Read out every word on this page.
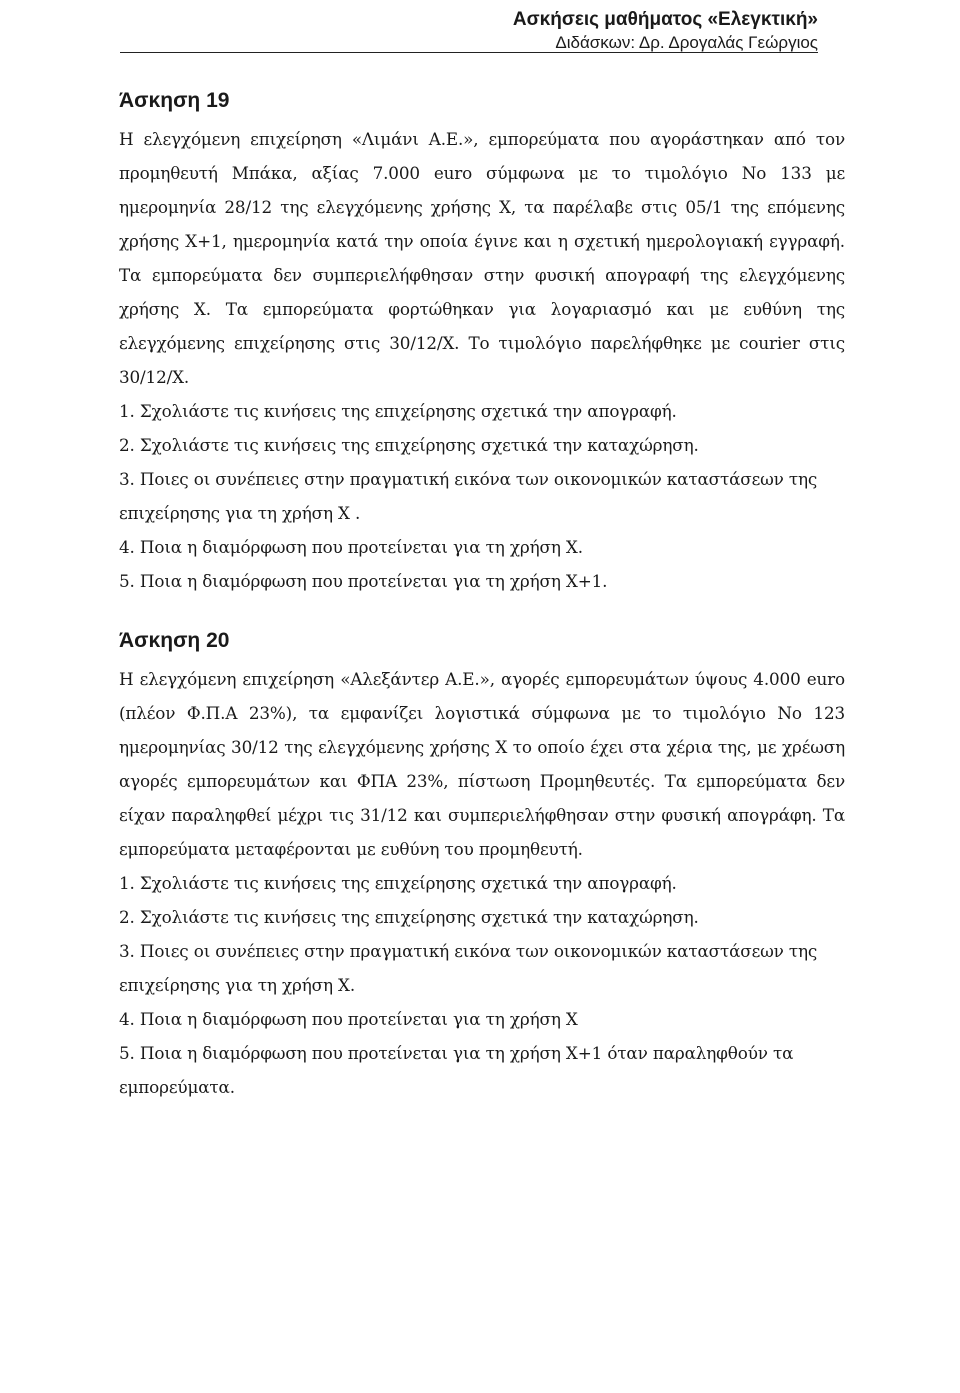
Ασκήσεις μαθήματος «Ελεγκτική»
Διδάσκων: Δρ. Δρογαλάς Γεώργιος
Άσκηση 19

Η ελεγχόμενη επιχείρηση «Λιμάνι Α.Ε.», εμπορεύματα που αγοράστηκαν από τον προμηθευτή Μπάκα, αξίας 7.000 euro σύμφωνα με το τιμολόγιο Νο 133 με ημερομηνία 28/12 της ελεγχόμενης χρήσης Χ, τα παρέλαβε στις 05/1 της επόμενης χρήσης Χ+1, ημερομηνία κατά την οποία έγινε και η σχετική ημερολογιακή εγγραφή. Τα εμπορεύματα δεν συμπεριελήφθησαν στην φυσική απογραφή της ελεγχόμενης χρήσης Χ. Τα εμπορεύματα φορτώθηκαν για λογαριασμό και με ευθύνη της ελεγχόμενης επιχείρησης στις 30/12/Χ. Το τιμολόγιο παρελήφθηκε με courier στις 30/12/Χ.

1. Σχολιάστε τις κινήσεις της επιχείρησης σχετικά την απογραφή.

2. Σχολιάστε τις κινήσεις της επιχείρησης σχετικά την καταχώρηση.

3. Ποιες οι συνέπειες στην πραγματική εικόνα των οικονομικών καταστάσεων της επιχείρησης για τη χρήση Χ .

4. Ποια η διαμόρφωση που προτείνεται για τη χρήση Χ.

5. Ποια η διαμόρφωση που προτείνεται για τη χρήση Χ+1.

Άσκηση 20

Η ελεγχόμενη επιχείρηση «Αλεξάντερ Α.Ε.», αγορές εμπορευμάτων ύψους 4.000 euro (πλέον Φ.Π.Α 23%), τα εμφανίζει λογιστικά σύμφωνα με το τιμολόγιο Νο 123 ημερομηνίας 30/12 της ελεγχόμενης χρήσης Χ το οποίο έχει στα χέρια της, με χρέωση αγορές εμπορευμάτων και ΦΠΑ 23%, πίστωση Προμηθευτές. Τα εμπορεύματα δεν είχαν παραληφθεί μέχρι τις 31/12 και συμπεριελήφθησαν στην φυσική απογράφη. Τα εμπορεύματα μεταφέρονται με ευθύνη του προμηθευτή.

1. Σχολιάστε τις κινήσεις της επιχείρησης σχετικά την απογραφή.

2. Σχολιάστε τις κινήσεις της επιχείρησης σχετικά την καταχώρηση.

3. Ποιες οι συνέπειες στην πραγματική εικόνα των οικονομικών καταστάσεων της επιχείρησης για τη χρήση Χ.

4. Ποια η διαμόρφωση που προτείνεται για τη χρήση Χ

5. Ποια η διαμόρφωση που προτείνεται για τη χρήση Χ+1 όταν παραληφθούν τα εμπορεύματα.
